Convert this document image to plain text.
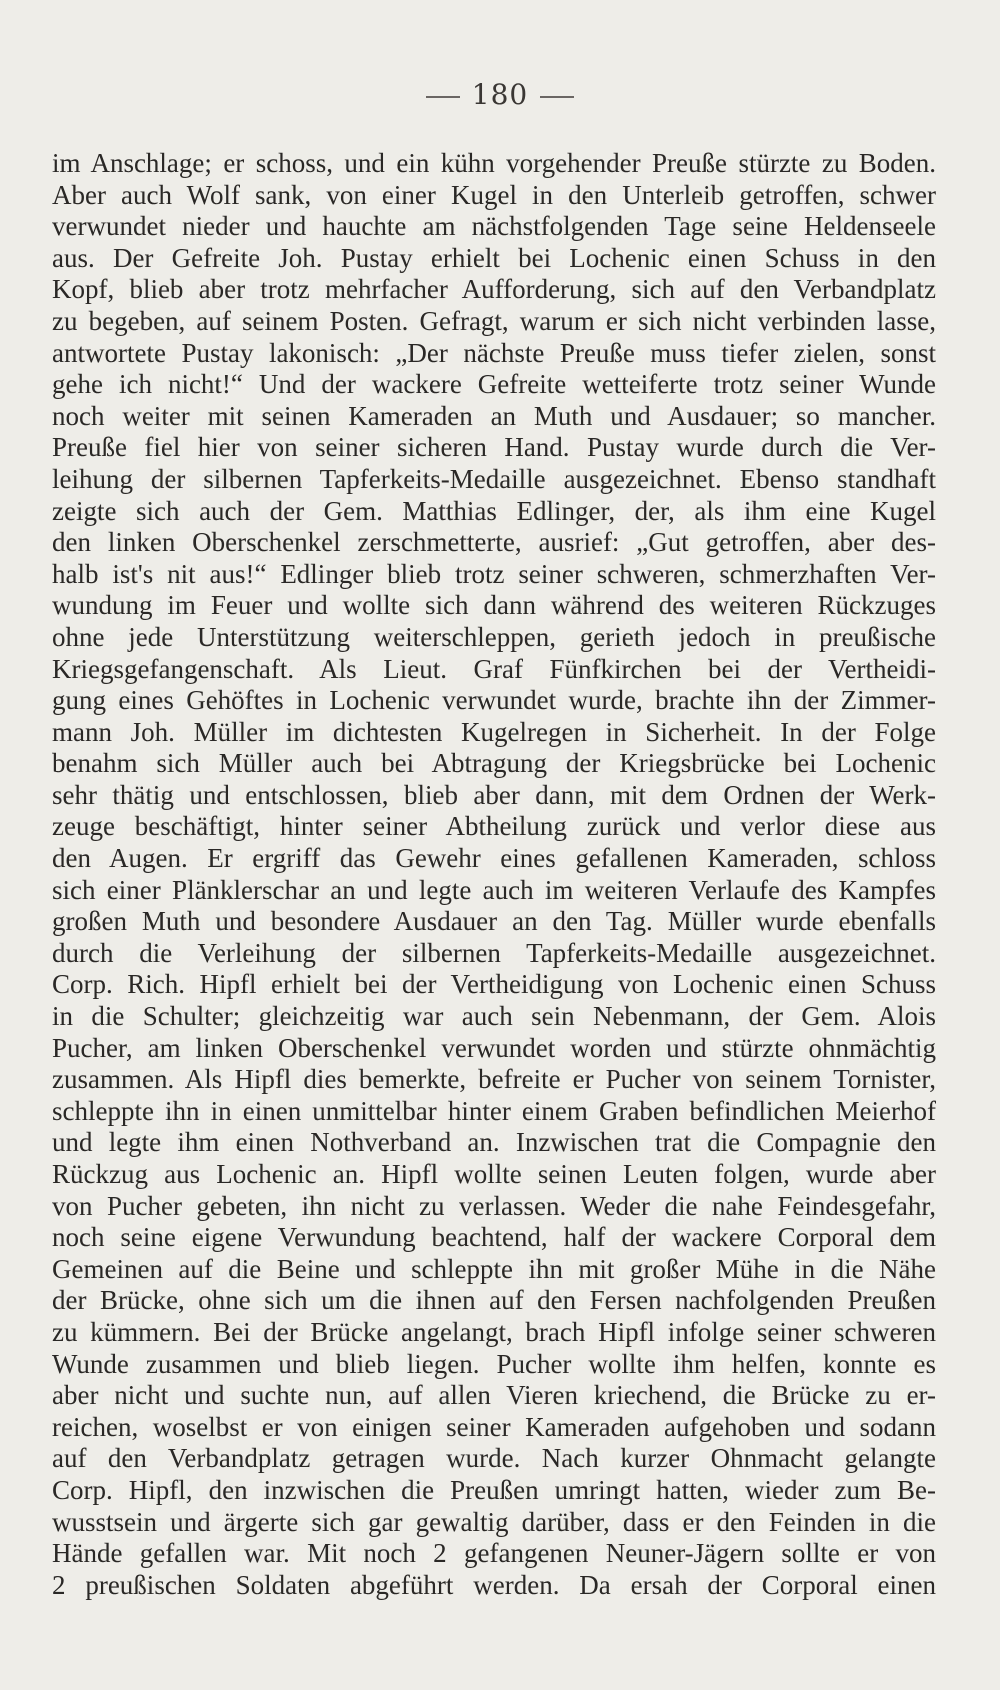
180
im Anschlage; er schoss, und ein kühn vorgehender Preuße stürzte zu Boden.
Aber auch Wolf sank, von einer Kugel in den Unterleib getroffen, schwer
verwundet nieder und hauchte am nächstfolgenden Tage seine Heldenseele
aus. Der Gefreite Joh. Pustay erhielt bei Lochenic einen Schuss in den
Kopf, blieb aber trotz mehrfacher Aufforderung, sich auf den Verbandplatz
zu begeben, auf seinem Posten. Gefragt, warum er sich nicht verbinden lasse,
antwortete Pustay lakonisch: „Der nächste Preuße muss tiefer zielen, sonst
gehe ich nicht!“ Und der wackere Gefreite wetteiferte trotz seiner Wunde
noch weiter mit seinen Kameraden an Muth und Ausdauer; so mancher.
Preuße fiel hier von seiner sicheren Hand. Pustay wurde durch die Ver-
leihung der silbernen Tapferkeits-Medaille ausgezeichnet. Ebenso standhaft
zeigte sich auch der Gem. Matthias Edlinger, der, als ihm eine Kugel
den linken Oberschenkel zerschmetterte, ausrief: „Gut getroffen, aber des-
halb ist's nit aus!“ Edlinger blieb trotz seiner schweren, schmerzhaften Ver-
wundung im Feuer und wollte sich dann während des weiteren Rückzuges
ohne jede Unterstützung weiterschleppen, gerieth jedoch in preußische
Kriegsgefangenschaft. Als Lieut. Graf Fünfkirchen bei der Vertheidi-
gung eines Gehöftes in Lochenic verwundet wurde, brachte ihn der Zimmer-
mann Joh. Müller im dichtesten Kugelregen in Sicherheit. In der Folge
benahm sich Müller auch bei Abtragung der Kriegsbrücke bei Lochenic
sehr thätig und entschlossen, blieb aber dann, mit dem Ordnen der Werk-
zeuge beschäftigt, hinter seiner Abtheilung zurück und verlor diese aus
den Augen. Er ergriff das Gewehr eines gefallenen Kameraden, schloss
sich einer Plänklerschar an und legte auch im weiteren Verlaufe des Kampfes
großen Muth und besondere Ausdauer an den Tag. Müller wurde ebenfalls
durch die Verleihung der silbernen Tapferkeits-Medaille ausgezeichnet.
Corp. Rich. Hipfl erhielt bei der Vertheidigung von Lochenic einen Schuss
in die Schulter; gleichzeitig war auch sein Nebenmann, der Gem. Alois
Pucher, am linken Oberschenkel verwundet worden und stürzte ohnmächtig
zusammen. Als Hipfl dies bemerkte, befreite er Pucher von seinem Tornister,
schleppte ihn in einen unmittelbar hinter einem Graben befindlichen Meierhof
und legte ihm einen Nothverband an. Inzwischen trat die Compagnie den
Rückzug aus Lochenic an. Hipfl wollte seinen Leuten folgen, wurde aber
von Pucher gebeten, ihn nicht zu verlassen. Weder die nahe Feindesgefahr,
noch seine eigene Verwundung beachtend, half der wackere Corporal dem
Gemeinen auf die Beine und schleppte ihn mit großer Mühe in die Nähe
der Brücke, ohne sich um die ihnen auf den Fersen nachfolgenden Preußen
zu kümmern. Bei der Brücke angelangt, brach Hipfl infolge seiner schweren
Wunde zusammen und blieb liegen. Pucher wollte ihm helfen, konnte es
aber nicht und suchte nun, auf allen Vieren kriechend, die Brücke zu er-
reichen, woselbst er von einigen seiner Kameraden aufgehoben und sodann
auf den Verbandplatz getragen wurde. Nach kurzer Ohnmacht gelangte
Corp. Hipfl, den inzwischen die Preußen umringt hatten, wieder zum Be-
wusstsein und ärgerte sich gar gewaltig darüber, dass er den Feinden in die
Hände gefallen war. Mit noch 2 gefangenen Neuner-Jägern sollte er von
2 preußischen Soldaten abgeführt werden. Da ersah der Corporal einen
